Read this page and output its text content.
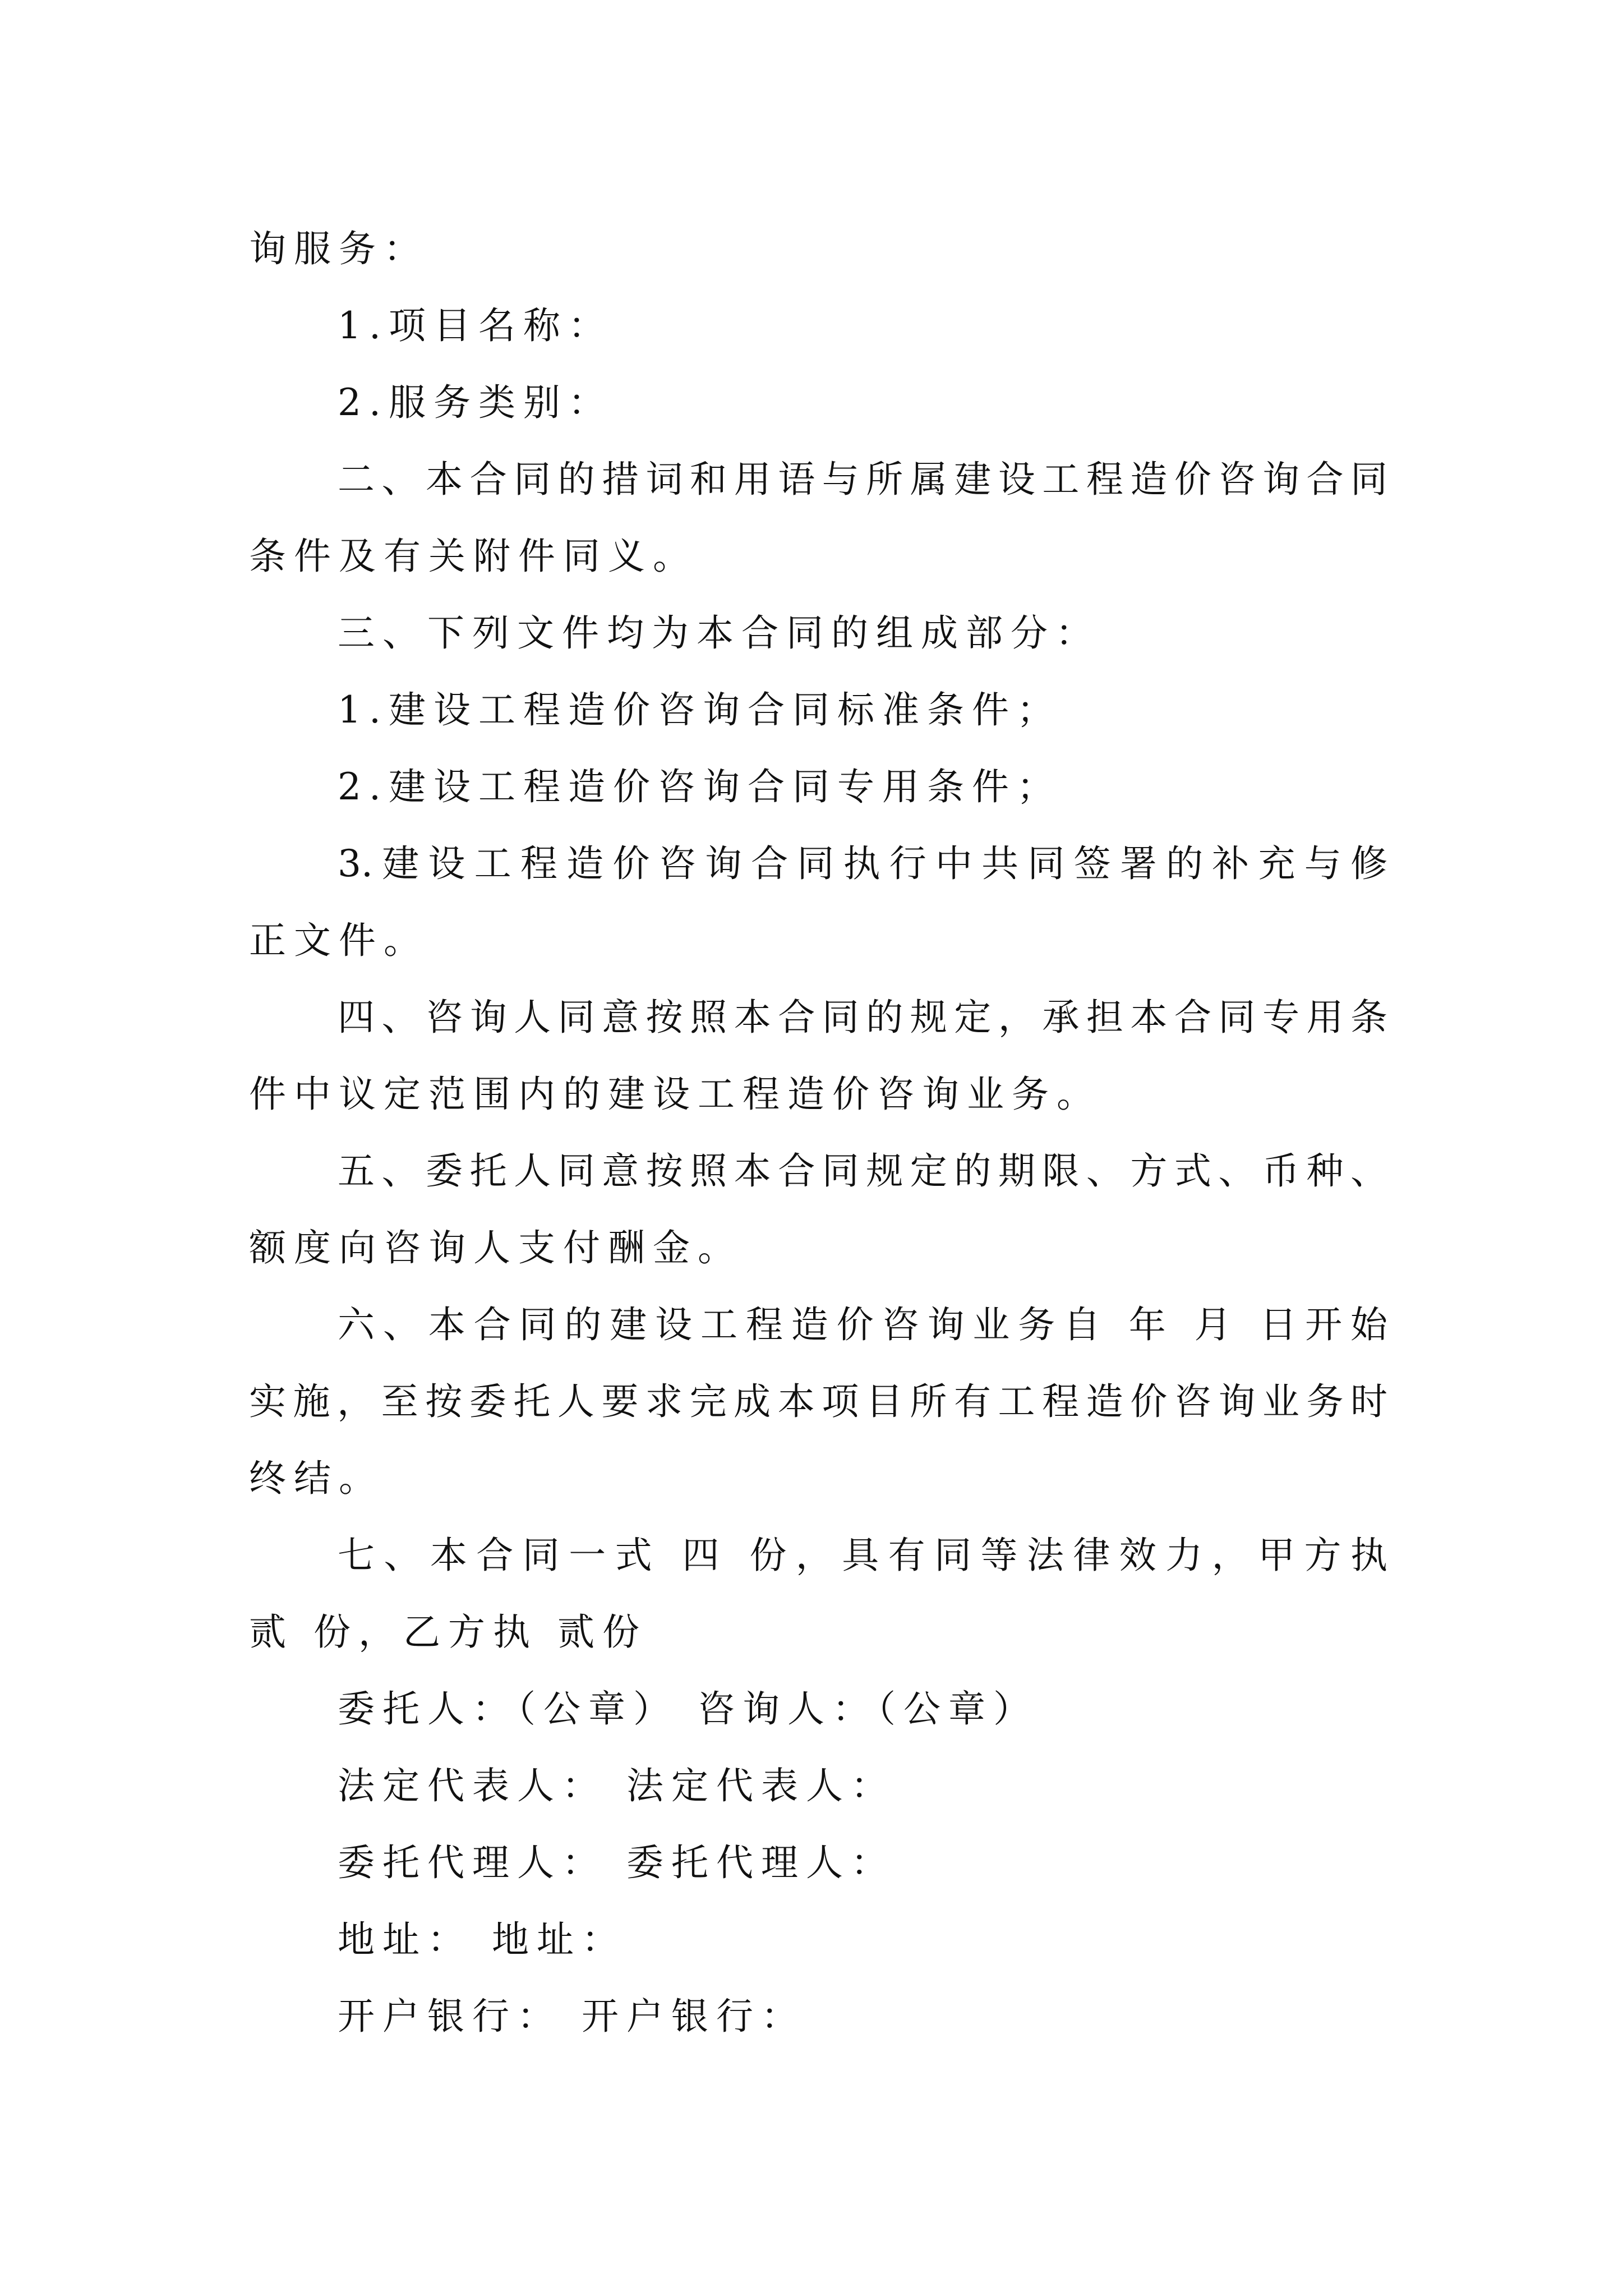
询服务：
1.项目名称：
2.服务类别：
二、本合同的措词和用语与所属建设工程造价咨询合同
条件及有关附件同义。
三、下列文件均为本合同的组成部分：
1.建设工程造价咨询合同标准条件；
2.建设工程造价咨询合同专用条件；
3.建设工程造价咨询合同执行中共同签署的补充与修
正文件。
四、咨询人同意按照本合同的规定，承担本合同专用条
件中议定范围内的建设工程造价咨询业务。
五、委托人同意按照本合同规定的期限、方式、币种、
额度向咨询人支付酬金。
六、本合同的建设工程造价咨询业务自 年 月 日开始
实施，至按委托人要求完成本项目所有工程造价咨询业务时
终结。
七、本合同一式 四 份，具有同等法律效力，甲方执
贰 份，乙方执 贰份
委托人：（公章） 咨询人：（公章）
法定代表人： 法定代表人：
委托代理人： 委托代理人：
地址： 地址：
开户银行： 开户银行：
